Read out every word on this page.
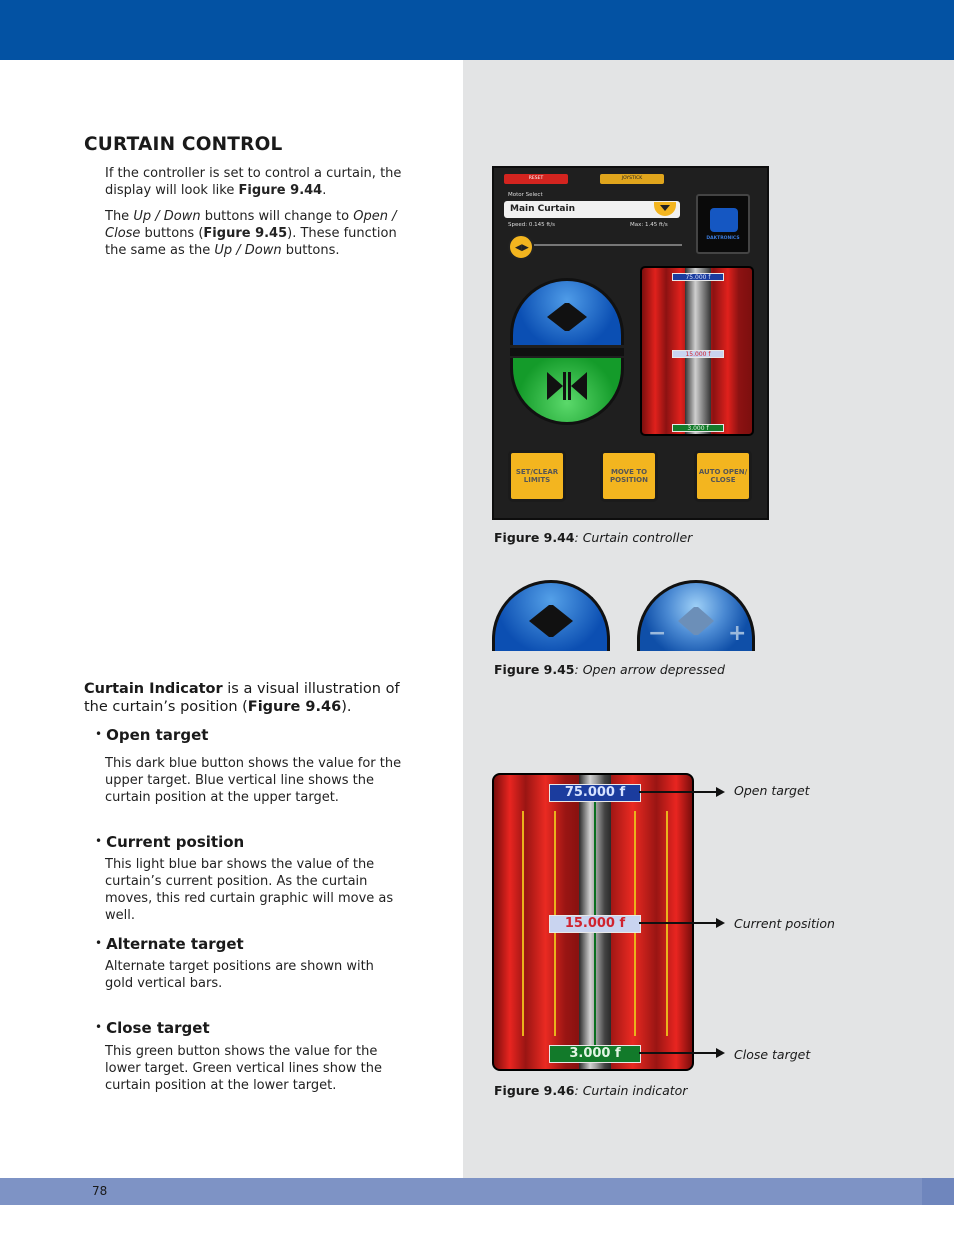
78
CURTAIN CONTROL
If the controller is set to control a curtain, the display will look like Figure 9.44.
The Up / Down buttons will change to Open / Close buttons (Figure 9.45). These function the same as the Up / Down buttons.
Curtain Indicator is a visual illustration of the curtain’s position (Figure 9.46).
• Open target
This dark blue button shows the value for the upper target. Blue vertical line shows the curtain position at the upper target.
• Current position
This light blue bar shows the value of the curtain’s current position. As the curtain moves, this red curtain graphic will move as well.
• Alternate target
Alternate target positions are shown with gold vertical bars.
• Close target
This green button shows the value for the lower target. Green vertical lines show the curtain position at the lower target.
RESET	JOYSTICK
Motor Select
Main Curtain
Speed: 0.145 ft/s	Max: 1.45 ft/s
DAKTRONICS
◀▶
75.000 f
15.000 f
3.000 f
SET/CLEAR LIMITS
MOVE TO POSITION
AUTO OPEN/ CLOSE
Figure 9.44: Curtain controller
−	+
Figure 9.45: Open arrow depressed
75.000 f
15.000 f
3.000 f
Open target
Current position
Close target
Figure 9.46: Curtain indicator
